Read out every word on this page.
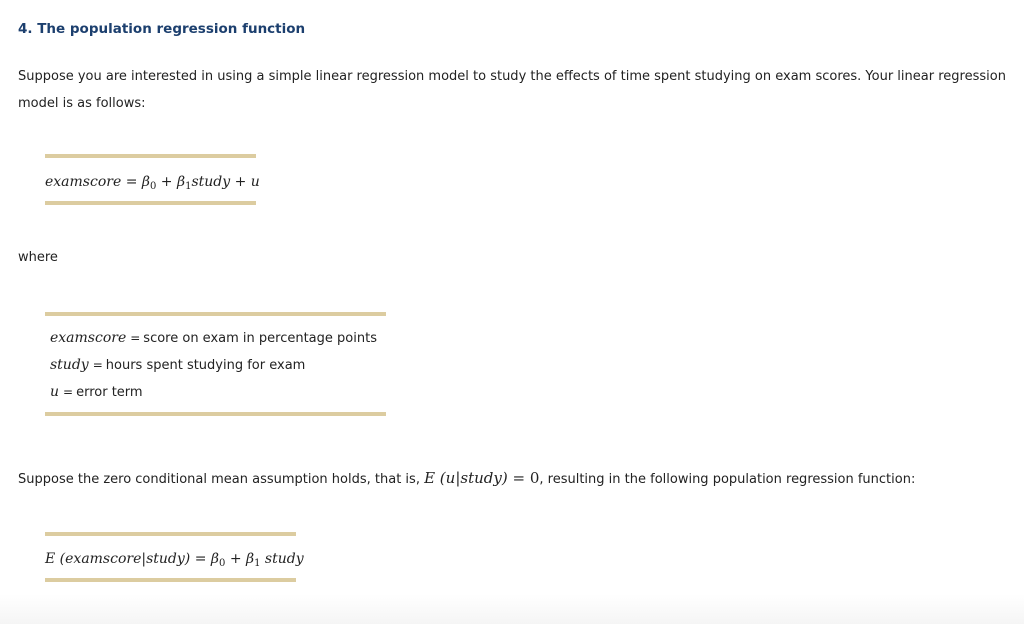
4. The population regression function

Suppose you are interested in using a simple linear regression model to study the effects of time spent studying on exam scores. Your linear regression model is as follows:

examscore = $\beta_0$ + $\beta_1study + u$

where

examscore = score on exam in percentage points
study = hours spent studying for exam
u = error term

Suppose the zero conditional mean assumption holds, that is, E (u|study) = 0, resulting in the following population regression function:

E (examscore|study) = $\beta_0 + \beta_1$ study
